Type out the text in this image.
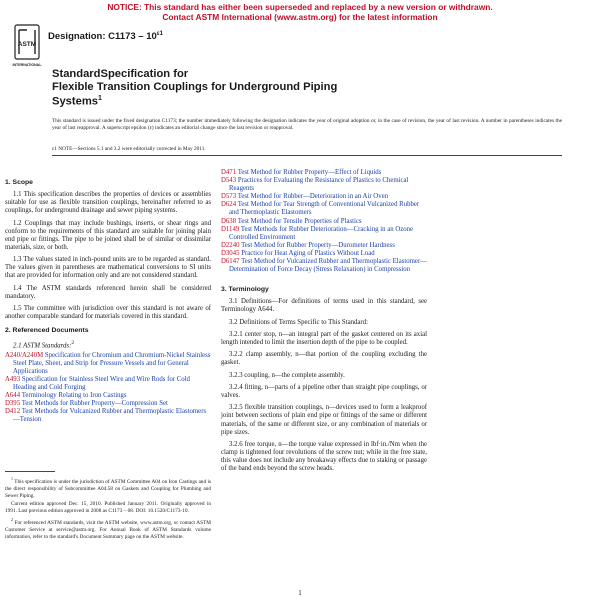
NOTICE: This standard has either been superseded and replaced by a new version or withdrawn.
Contact ASTM International (www.astm.org) for the latest information
ASTM
INTERNATIONAL
Designation: $C1173 - 10^{\varepsilon 1}$
StandardSpecification for
Flexible Transition Couplings for Underground Piping
Systems$^1$
This standard is issued under the fixed designation C1173; the number immediately following the designation indicates the year of original adoption or, in the case of revision, the year of last revision. A number in parentheses indicates the year of last reapproval. A superscript epsilon (ε) indicates an editorial change since the last revision or reapproval.
ε1 NOTE—Sections 5.1 and 3.2 were editorially corrected in May 2011.
1. Scope

1.1 This specification describes the properties of devices or assemblies suitable for use as flexible transition couplings, hereinafter referred to as couplings, for underground drainage and sewer piping systems.

1.2 Couplings that may include bushings, inserts, or shear rings and conform to the requirements of this standard are suitable for joining plain end pipe or fittings. The pipe to be joined shall be of similar or dissimilar materials, size, or both.

1.3 The values stated in inch-pound units are to be regarded as standard. The values given in parentheses are mathematical conversions to SI units that are provided for information only and are not considered standard.

1.4 The ASTM standards referenced herein shall be considered mandatory.

1.5 The committee with jurisdiction over this standard is not aware of another comparable standard for materials covered in this standard.

2. Referenced Documents

2.1 ASTM Standards:$^2$

A240/A240M Specification for Chromium and Chromium-Nickel Stainless Steel Plate, Sheet, and Strip for Pressure Vessels and for General Applications

A493 Specification for Stainless Steel Wire and Wire Rods for Cold Heading and Cold Forging

A644 Terminology Relating to Iron Castings

D395 Test Methods for Rubber Property—Compression Set

D412 Test Methods for Vulcanized Rubber and Thermoplastic Elastomers—Tension

$^1$ This specification is under the jurisdiction of ASTM Committee A04 on Iron Castings and is the direct responsibility of Subcommittee A04.58 on Gaskets and Coupling for Plumbing and Sewer Piping.

Current edition approved Dec. 15, 2010. Published January 2011. Originally approved in 1991. Last previous edition approved in 2008 as C1173 – 08. DOI: 10.1520/C1173-10.

$^2$ For referenced ASTM standards, visit the ASTM website, www.astm.org, or contact ASTM Customer Service at service@astm.org. For Annual Book of ASTM Standards volume information, refer to the standard's Document Summary page on the ASTM website.

D471 Test Method for Rubber Property—Effect of Liquids

D543 Practices for Evaluating the Resistance of Plastics to Chemical Reagents

D573 Test Method for Rubber—Deterioration in an Air Oven

D624 Test Method for Tear Strength of Conventional Vulcanized Rubber and Thermoplastic Elastomers

D638 Test Method for Tensile Properties of Plastics

D1149 Test Methods for Rubber Deterioration—Cracking in an Ozone Controlled Environment

D2240 Test Method for Rubber Property—Durometer Hardness

D3045 Practice for Heat Aging of Plastics Without Load

D6147 Test Method for Vulcanized Rubber and Thermoplastic Elastomer—Determination of Force Decay (Stress Relaxation) in Compression

3. Terminology

3.1 Definitions—For definitions of terms used in this standard, see Terminology A644.

3.2 Definitions of Terms Specific to This Standard:

3.2.1 center stop, n—an integral part of the gasket centered on its axial length intended to limit the insertion depth of the pipe to be coupled.

3.2.2 clamp assembly, n—that portion of the coupling excluding the gasket.

3.2.3 coupling, n—the complete assembly.

3.2.4 fitting, n—parts of a pipeline other than straight pipe couplings, or valves.

3.2.5 flexible transition couplings, n—devices used to form a leakproof joint between sections of plain end pipe or fittings of the same or different materials, of the same or different size, or any combination of materials or pipe sizes.

3.2.6 free torque, n—the torque value expressed in lbf·in./Nm when the clamp is tightened four revolutions of the screw nut; while in the free state, this value does not include any breakaway effects due to staking or passage of the band ends beyond the screw heads.

1
